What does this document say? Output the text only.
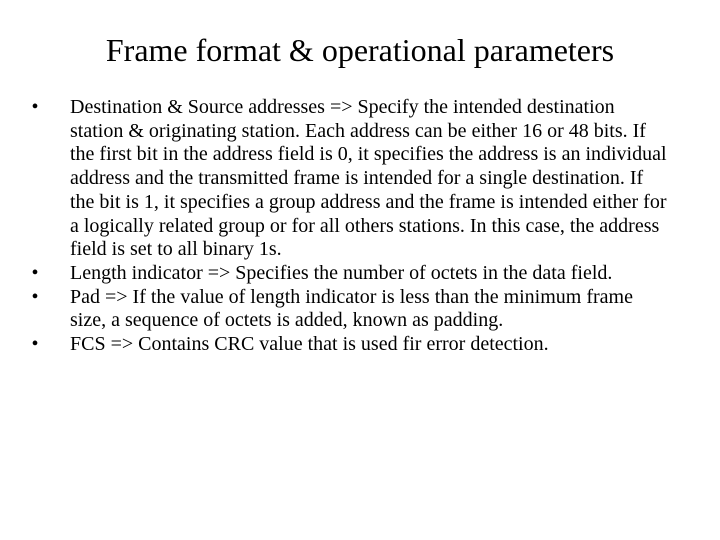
Frame format & operational parameters
• Destination & Source addresses => Specify the intended destination station & originating station. Each address can be either 16 or 48 bits. If the first bit in the address field is 0, it specifies the address is an individual address and the transmitted frame is intended for a single destination. If the bit is 1, it specifies a group address and the frame is intended either for a logically related group or for all others stations. In this case, the address field is set to all binary 1s.
• Length indicator => Specifies the number of octets in the data field.
• Pad => If the value of length indicator is less than the minimum frame size, a sequence of octets is added, known as padding.
• FCS => Contains CRC value that is used fir error detection.
